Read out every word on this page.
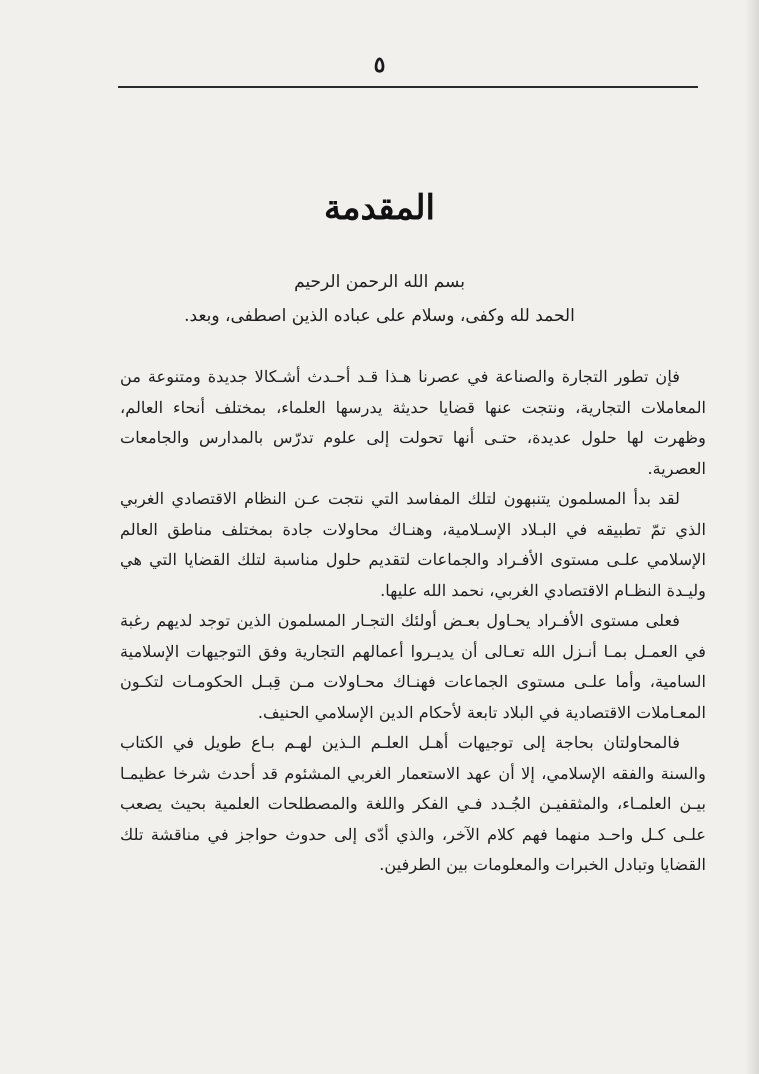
٥
المقدمة
بسم الله الرحمن الرحيم
الحمد لله وكفى، وسلام على عباده الذين اصطفى، وبعد.

فإن تطور التجارة والصناعة في عصرنا هـذا قـد أحـدث أشـكالا جديدة ومتنوعة من المعاملات التجارية، ونتجت عنها قضايا حديثة يدرسها العلماء، بمختلف أنحاء العالم، وظهرت لها حلول عديدة، حتـى أنها تحولت إلى علوم تدرّس بالمدارس والجامعات العصرية.

لقد بدأ المسلمون يتنبهون لتلك المفاسد التي نتجت عـن النظام الاقتصادي الغربي الذي تمّ تطبيقه في البـلاد الإسـلامية، وهنـاك محاولات جادة بمختلف مناطق العالم الإسلامي علـى مستوى الأفـراد والجماعات لتقديم حلول مناسبة لتلك القضايا التي هي وليـدة النظـام الاقتصادي الغربي، نحمد الله عليها.

فعلى مستوى الأفـراد يحـاول بعـض أولئك التجـار المسلمون الذين توجد لديهم رغبة في العمـل بمـا أنـزل الله تعـالى أن يديـروا أعمالهم التجارية وفق التوجيهات الإسلامية السامية، وأما علـى مستوى الجماعات فهنـاك محـاولات مـن قِبـل الحكومـات لتكـون المعـاملات الاقتصادية في البلاد تابعة لأحكام الدين الإسلامي الحنيف.

فالمحاولتان بحاجة إلى توجيهات أهـل العلـم الـذين لهـم بـاع طويل في الكتاب والسنة والفقه الإسلامي، إلا أن عهد الاستعمار الغربي المشئوم قد أحدث شرخا عظيمـا بيـن العلمـاء، والمثقفيـن الجُـدد فـي الفكر واللغة والمصطلحات العلمية بحيث يصعب علـى كـل واحـد منهما فهم كلام الآخر، والذي أدّى إلى حدوث حواجز في مناقشة تلك القضايا وتبادل الخبرات والمعلومات بين الطرفين.
